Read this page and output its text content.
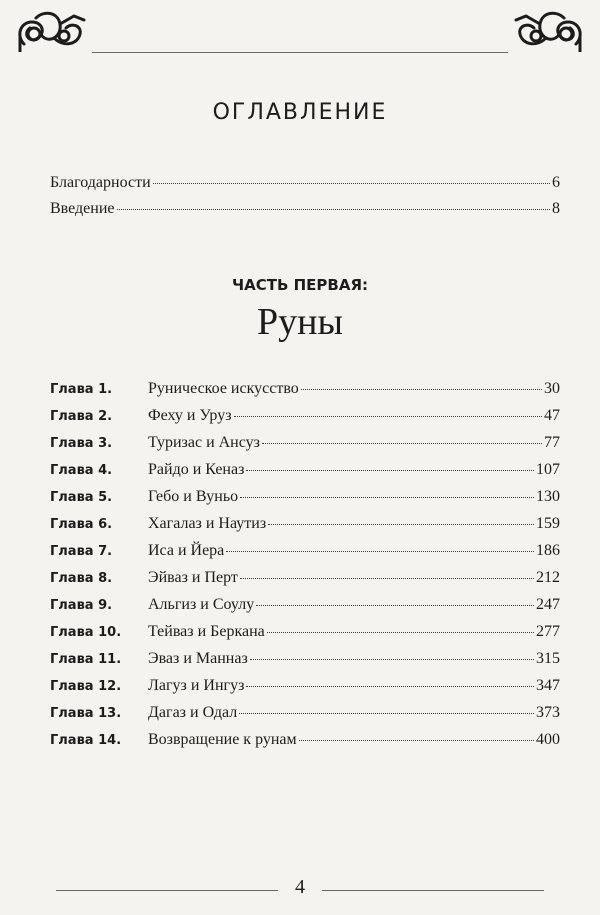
ОГЛАВЛЕНИЕ
Благодарности	6
Введение	8
ЧАСТЬ ПЕРВАЯ:
Руны
Глава 1.	Руническое искусство	30
Глава 2.	Феху и Уруз	47
Глава 3.	Туризас и Ансуз	77
Глава 4.	Райдо и Кеназ	107
Глава 5.	Гебо и Вуньо	130
Глава 6.	Хагалаз и Наутиз	159
Глава 7.	Иса и Йера	186
Глава 8.	Эйваз и Перт	212
Глава 9.	Альгиз и Соулу	247
Глава 10.	Тейваз и Беркана	277
Глава 11.	Эваз и Манназ	315
Глава 12.	Лагуз и Ингуз	347
Глава 13.	Дагаз и Одал	373
Глава 14.	Возвращение к рунам	400
4
